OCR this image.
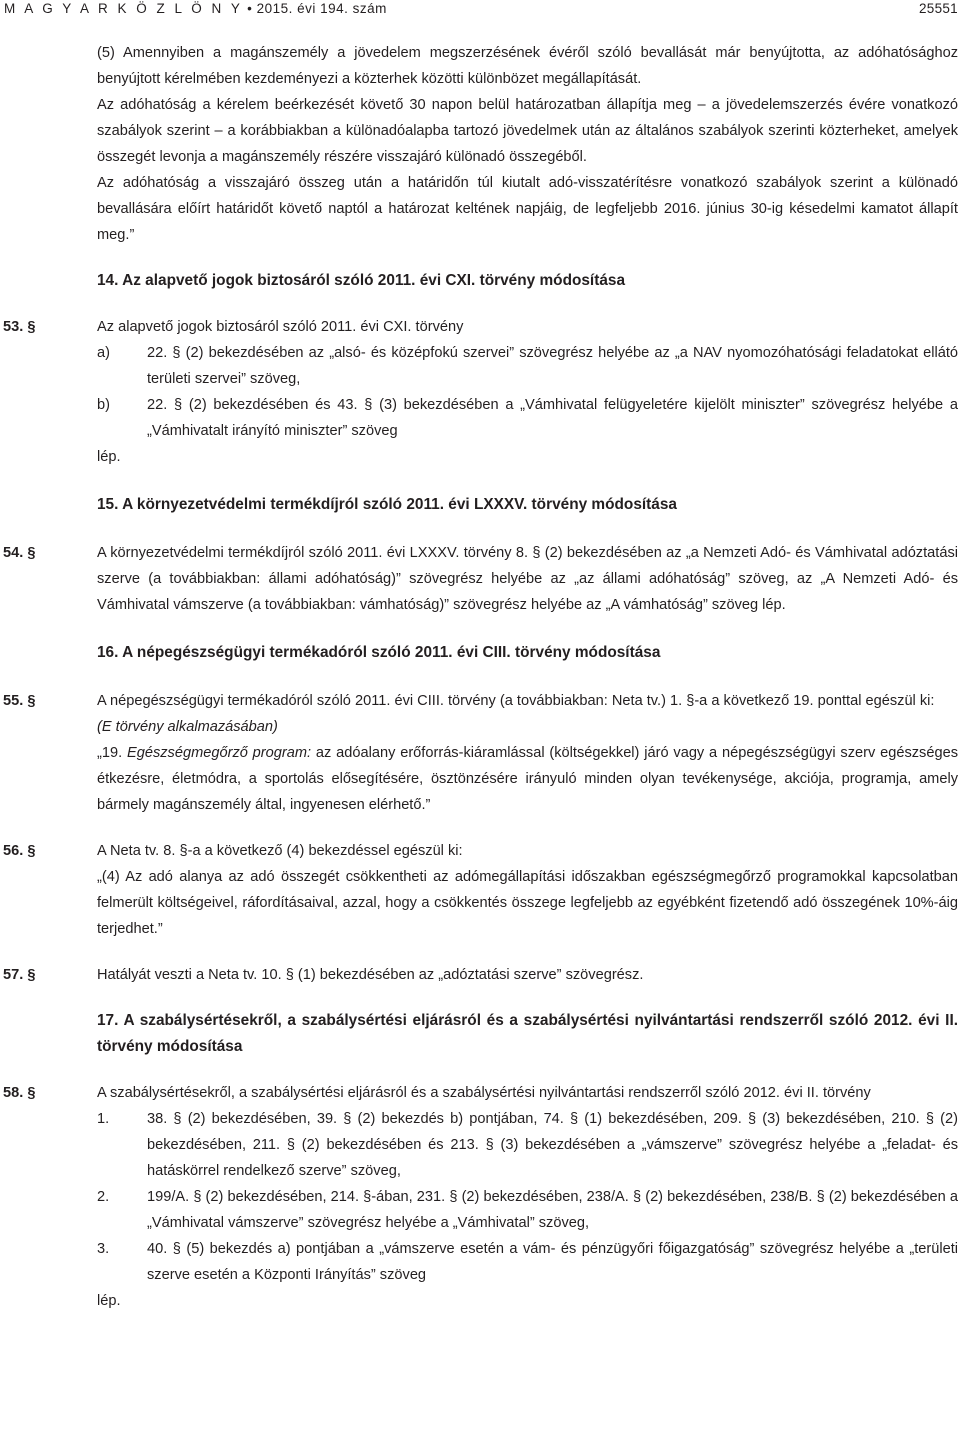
M A G Y A R K Ö Z L Ö N Y • 2015. évi 194. szám	25551

(5) Amennyiben a magánszemély a jövedelem megszerzésének évéről szóló bevallását már benyújtotta, az adóhatósághoz benyújtott kérelmében kezdeményezi a közterhek közötti különbözet megállapítását.

Az adóhatóság a kérelem beérkezését követő 30 napon belül határozatban állapítja meg – a jövedelemszerzés évére vonatkozó szabályok szerint – a korábbiakban a különadóalapba tartozó jövedelmek után az általános szabályok szerinti közterheket, amelyek összegét levonja a magánszemély részére visszajáró különadó összegéből.

Az adóhatóság a visszajáró összeg után a határidőn túl kiutalt adó-visszatérítésre vonatkozó szabályok szerint a különadó bevallására előírt határidőt követő naptól a határozat keltének napjáig, de legfeljebb 2016. június 30-ig késedelmi kamatot állapít meg.”

14. Az alapvető jogok biztosáról szóló 2011. évi CXI. törvény módosítása

53. §	Az alapvető jogok biztosáról szóló 2011. évi CXI. törvény

a)	22. § (2) bekezdésében az „alsó- és középfokú szervei” szövegrész helyébe az „a NAV nyomozóhatósági feladatokat ellátó területi szervei” szöveg,

b)	22. § (2) bekezdésében és 43. § (3) bekezdésében a „Vámhivatal felügyeletére kijelölt miniszter” szövegrész helyébe a „Vámhivatalt irányító miniszter” szöveg

lép.

15. A környezetvédelmi termékdíjról szóló 2011. évi LXXXV. törvény módosítása

54. §	A környezetvédelmi termékdíjról szóló 2011. évi LXXXV. törvény 8. § (2) bekezdésében az „a Nemzeti Adó- és Vámhivatal adóztatási szerve (a továbbiakban: állami adóhatóság)” szövegrész helyébe az „az állami adóhatóság” szöveg, az „A Nemzeti Adó- és Vámhivatal vámszerve (a továbbiakban: vámhatóság)” szövegrész helyébe az „A vámhatóság” szöveg lép.

16. A népegészségügyi termékadóról szóló 2011. évi CIII. törvény módosítása

55. §	A népegészségügyi termékadóról szóló 2011. évi CIII. törvény (a továbbiakban: Neta tv.) 1. §-a a következő 19. ponttal egészül ki:

(E törvény alkalmazásában)

„19. Egészségmegőrző program: az adóalany erőforrás-kiáramlással (költségekkel) járó vagy a népegészségügyi szerv egészséges étkezésre, életmódra, a sportolás elősegítésére, ösztönzésére irányuló minden olyan tevékenysége, akciója, programja, amely bármely magánszemély által, ingyenesen elérhető.”

56. §	A Neta tv. 8. §-a a következő (4) bekezdéssel egészül ki:

„(4) Az adó alanya az adó összegét csökkentheti az adómegállapítási időszakban egészségmegőrző programokkal kapcsolatban felmerült költségeivel, ráfordításaival, azzal, hogy a csökkentés összege legfeljebb az egyébként fizetendő adó összegének 10%-áig terjedhet.”

57. §	Hatályát veszti a Neta tv. 10. § (1) bekezdésében az „adóztatási szerve” szövegrész.

17. A szabálysértésekről, a szabálysértési eljárásról és a szabálysértési nyilvántartási rendszerről szóló 2012. évi II. törvény módosítása

58. §	A szabálysértésekről, a szabálysértési eljárásról és a szabálysértési nyilvántartási rendszerről szóló 2012. évi II. törvény

1.	38. § (2) bekezdésében, 39. § (2) bekezdés b) pontjában, 74. § (1) bekezdésében, 209. § (3) bekezdésében, 210. § (2) bekezdésében, 211. § (2) bekezdésében és 213. § (3) bekezdésében a „vámszerve” szövegrész helyébe a „feladat- és hatáskörrel rendelkező szerve” szöveg,

2.	199/A. § (2) bekezdésében, 214. §-ában, 231. § (2) bekezdésében, 238/A. § (2) bekezdésében, 238/B. § (2) bekezdésében a „Vámhivatal vámszerve” szövegrész helyébe a „Vámhivatal” szöveg,

3.	40. § (5) bekezdés a) pontjában a „vámszerve esetén a vám- és pénzügyőri főigazgatóság” szövegrész helyébe a „területi szerve esetén a Központi Irányítás” szöveg

lép.
